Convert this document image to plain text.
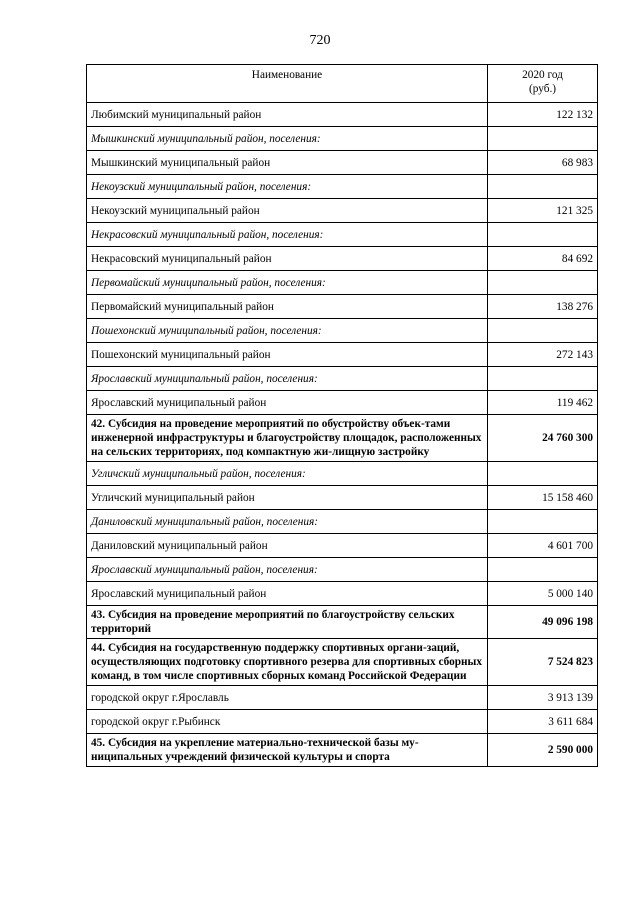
720
Наименование	2020 год
(руб.)
Любимский муниципальный район	122 132
Мышкинский муниципальный район, поселения:	
Мышкинский муниципальный район	68 983
Некоузский муниципальный район, поселения:	
Некоузский муниципальный район	121 325
Некрасовский муниципальный район, поселения:	
Некрасовский муниципальный район	84 692
Первомайский муниципальный район, поселения:	
Первомайский муниципальный район	138 276
Пошехонский муниципальный район, поселения:	
Пошехонский муниципальный район	272 143
Ярославский муниципальный район, поселения:	
Ярославский муниципальный район	119 462
42. Субсидия на проведение мероприятий по обустройству объек-тами инженерной инфраструктуры и благоустройству площадок, расположенных на сельских территориях, под компактную жи-лищную застройку	24 760 300
Угличский муниципальный район, поселения:	
Угличский муниципальный район	15 158 460
Даниловский муниципальный район, поселения:	
Даниловский муниципальный район	4 601 700
Ярославский муниципальный район, поселения:	
Ярославский муниципальный район	5 000 140
43. Субсидия на проведение мероприятий по благоустройству сельских территорий	49 096 198
44. Субсидия на государственную поддержку спортивных органи-заций, осуществляющих подготовку спортивного резерва для спортивных сборных команд, в том числе спортивных сборных команд Российской Федерации	7 524 823
городской округ г.Ярославль	3 913 139
городской округ г.Рыбинск	3 611 684
45. Субсидия на укрепление материально-технической базы му-ниципальных учреждений физической культуры и спорта	2 590 000
